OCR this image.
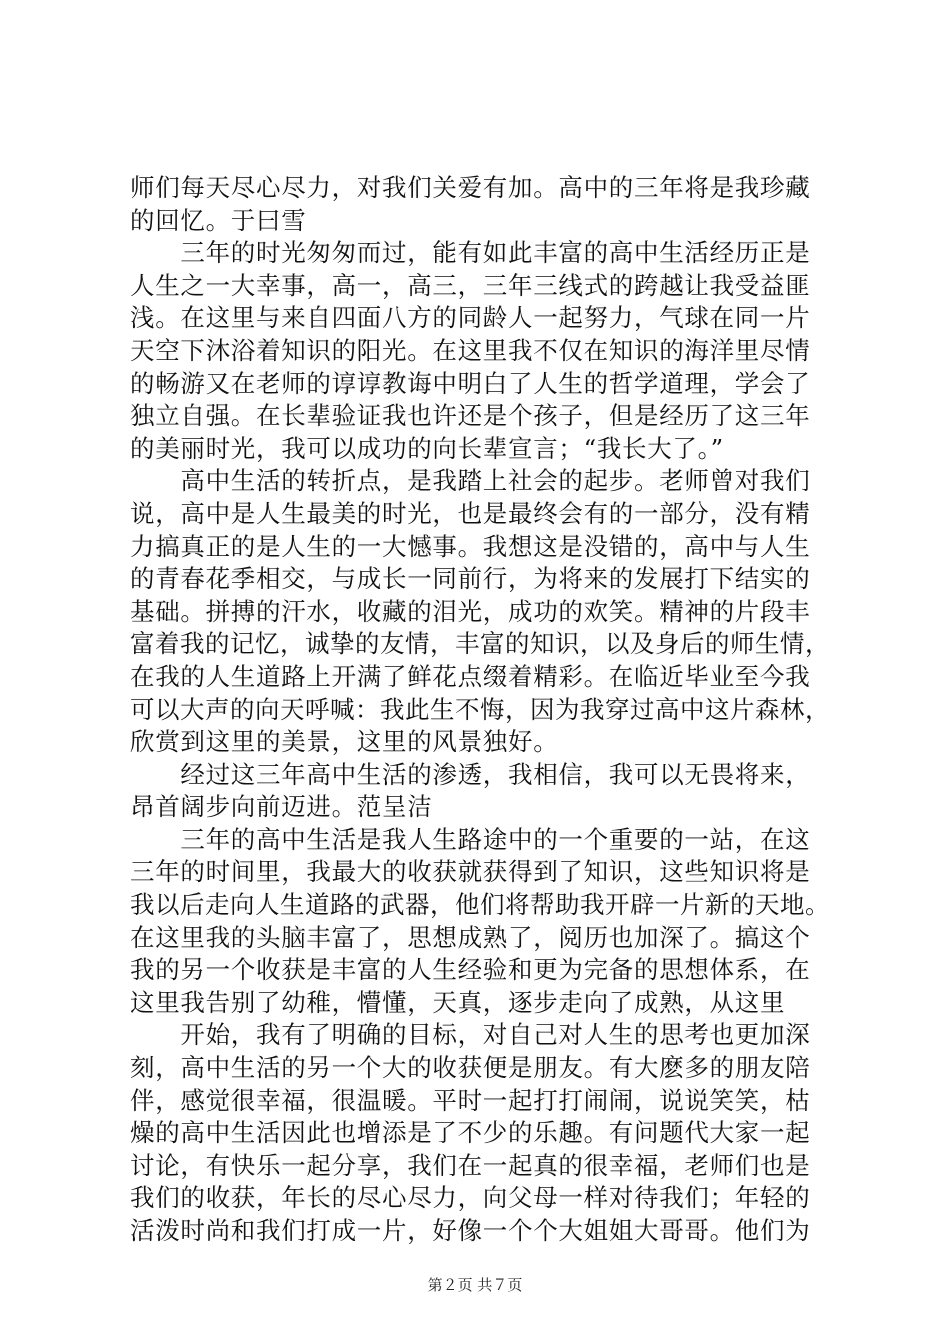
师们每天尽心尽力，对我们关爱有加。高中的三年将是我珍藏
的回忆。于曰雪
　　三年的时光匆匆而过，能有如此丰富的高中生活经历正是
人生之一大幸事，高一，高三，三年三线式的跨越让我受益匪
浅。在这里与来自四面八方的同龄人一起努力，气球在同一片
天空下沐浴着知识的阳光。在这里我不仅在知识的海洋里尽情
的畅游又在老师的谆谆教诲中明白了人生的哲学道理，学会了
独立自强。在长辈验证我也许还是个孩子，但是经历了这三年
的美丽时光，我可以成功的向长辈宣言；“我长大了。”
　　高中生活的转折点，是我踏上社会的起步。老师曾对我们
说，高中是人生最美的时光，也是最终会有的一部分，没有精
力搞真正的是人生的一大憾事。我想这是没错的，高中与人生
的青春花季相交，与成长一同前行，为将来的发展打下结实的
基础。拼搏的汗水，收藏的泪光，成功的欢笑。精神的片段丰
富着我的记忆，诚挚的友情，丰富的知识，以及身后的师生情，
在我的人生道路上开满了鲜花点缀着精彩。在临近毕业至今我
可以大声的向天呼喊：我此生不悔，因为我穿过高中这片森林，
欣赏到这里的美景，这里的风景独好。
　　经过这三年高中生活的渗透，我相信，我可以无畏将来，
昂首阔步向前迈进。范呈洁
　　三年的高中生活是我人生路途中的一个重要的一站，在这
三年的时间里，我最大的收获就获得到了知识，这些知识将是
我以后走向人生道路的武器，他们将帮助我开辟一片新的天地。
在这里我的头脑丰富了，思想成熟了，阅历也加深了。搞这个
我的另一个收获是丰富的人生经验和更为完备的思想体系，在
这里我告别了幼稚，懵懂，天真，逐步走向了成熟，从这里
　　开始，我有了明确的目标，对自己对人生的思考也更加深
刻，高中生活的另一个大的收获便是朋友。有大麽多的朋友陪
伴，感觉很幸福，很温暖。平时一起打打闹闹，说说笑笑，枯
燥的高中生活因此也增添是了不少的乐趣。有问题代大家一起
讨论，有快乐一起分享，我们在一起真的很幸福，老师们也是
我们的收获，年长的尽心尽力，向父母一样对待我们；年轻的
活泼时尚和我们打成一片，好像一个个大姐姐大哥哥。他们为
第２页 共７页
